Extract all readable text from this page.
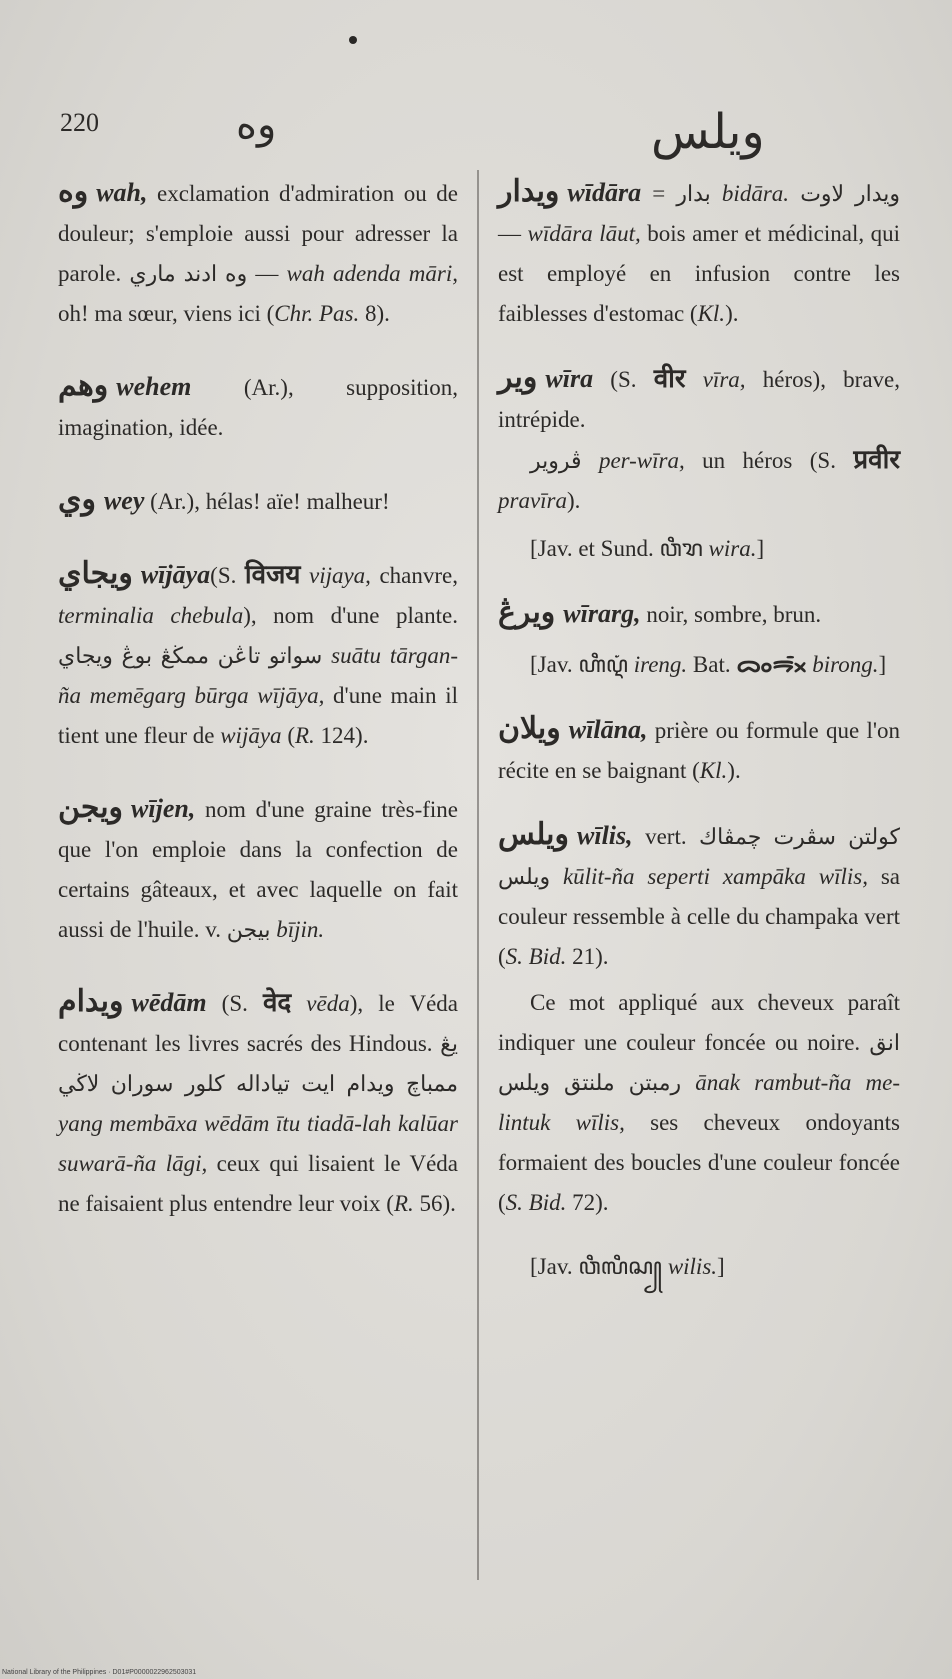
220	وه	ويلس
وه wah, exclamation d'admiration ou de douleur; s'emploie aussi pour adresser la parole. وه ادند ماري — wah adenda māri, oh! ma sœur, viens ici (Chr. Pas. 8).
وهم wehem (Ar.), supposition, imagination, idée.
وي wey (Ar.), hélas! aïe! malheur!
ويجاي wījāya(S. विजय vijaya, chanvre, terminalia chebula), nom d'une plante. سواتو تاڠن ممڬڠ بوڠ ويجاي suātu tārgan-ña memēgarg būrga wījāya, d'une main il tient une fleur de wijāya (R. 124).
ويجن wījen, nom d'une graine très-fine que l'on emploie dans la confection de certains gâteaux, et avec laquelle on fait aussi de l'huile. v. بيجن bījin.
ويدام wēdām (S. वेद vēda), le Véda contenant les livres sacrés des Hindous. يڠ ممباچ ويدام ايت تياداله كلور سوران لاڬي yang membāxa wēdām ītu tiadā-lah kalūar suwarā-ña lāgi, ceux qui lisaient le Véda ne faisaient plus entendre leur voix (R. 56).
ويدار wīdāra = بدار bidāra. ويدار لاوت — wīdāra lāut, bois amer et médicinal, qui est employé en infusion contre les faiblesses d'estomac (Kl.).
وير wīra (S. वीर vīra, héros), brave, intrépide.
ڤروير per-wīra, un héros (S. प्रवीर pravīra).
[Jav. et Sund. ꦮꦶꦫ wira.]
ويرڠ wīrarg, noir, sombre, brun.
[Jav. ꦲꦶꦉꦁ ireng. Bat. ᯅᯪᯒᯬᯰ birong.]
ويلان wīlāna, prière ou formule que l'on récite en se baignant (Kl.).
ويلس wīlis, vert. كولتن سڤرت چمڤاك ويلس kūlit-ña seperti xampāka wīlis, sa couleur ressemble à celle du champaka vert (S. Bid. 21).
Ce mot appliqué aux cheveux paraît indiquer une couleur foncée ou noire. انق رمبتن ملنتق ويلس ānak rambut-ña me-lintuk wīlis, ses cheveux ondoyants formaient des boucles d'une couleur foncée (S. Bid. 72).
[Jav. ꦮꦶꦭꦶꦱ꧀ wilis.]
National Library of the Philippines · D01#P0000022962503031
